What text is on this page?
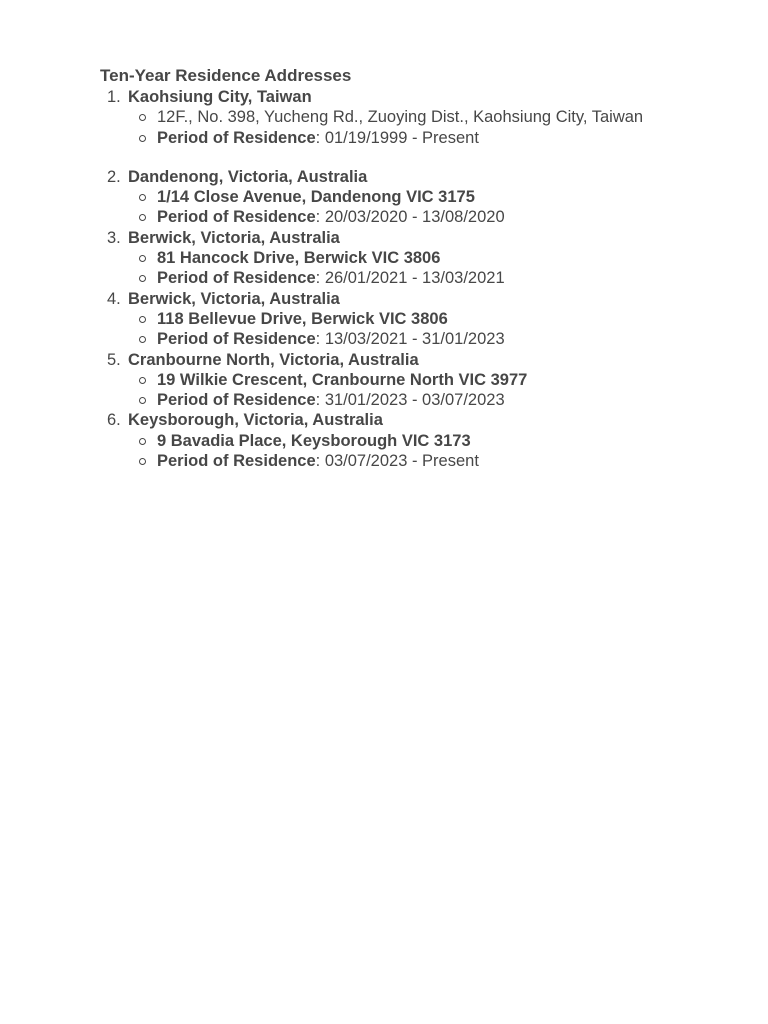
Ten-Year Residence Addresses
1. Kaohsiung City, Taiwan
12F., No. 398, Yucheng Rd., Zuoying Dist., Kaohsiung City, Taiwan
Period of Residence: 01/19/1999 - Present
2. Dandenong, Victoria, Australia
1/14 Close Avenue, Dandenong VIC 3175
Period of Residence: 20/03/2020 - 13/08/2020
3. Berwick, Victoria, Australia
81 Hancock Drive, Berwick VIC 3806
Period of Residence: 26/01/2021 - 13/03/2021
4. Berwick, Victoria, Australia
118 Bellevue Drive, Berwick VIC 3806
Period of Residence: 13/03/2021 - 31/01/2023
5. Cranbourne North, Victoria, Australia
19 Wilkie Crescent, Cranbourne North VIC 3977
Period of Residence: 31/01/2023 - 03/07/2023
6. Keysborough, Victoria, Australia
9 Bavadia Place, Keysborough VIC 3173
Period of Residence: 03/07/2023 - Present
